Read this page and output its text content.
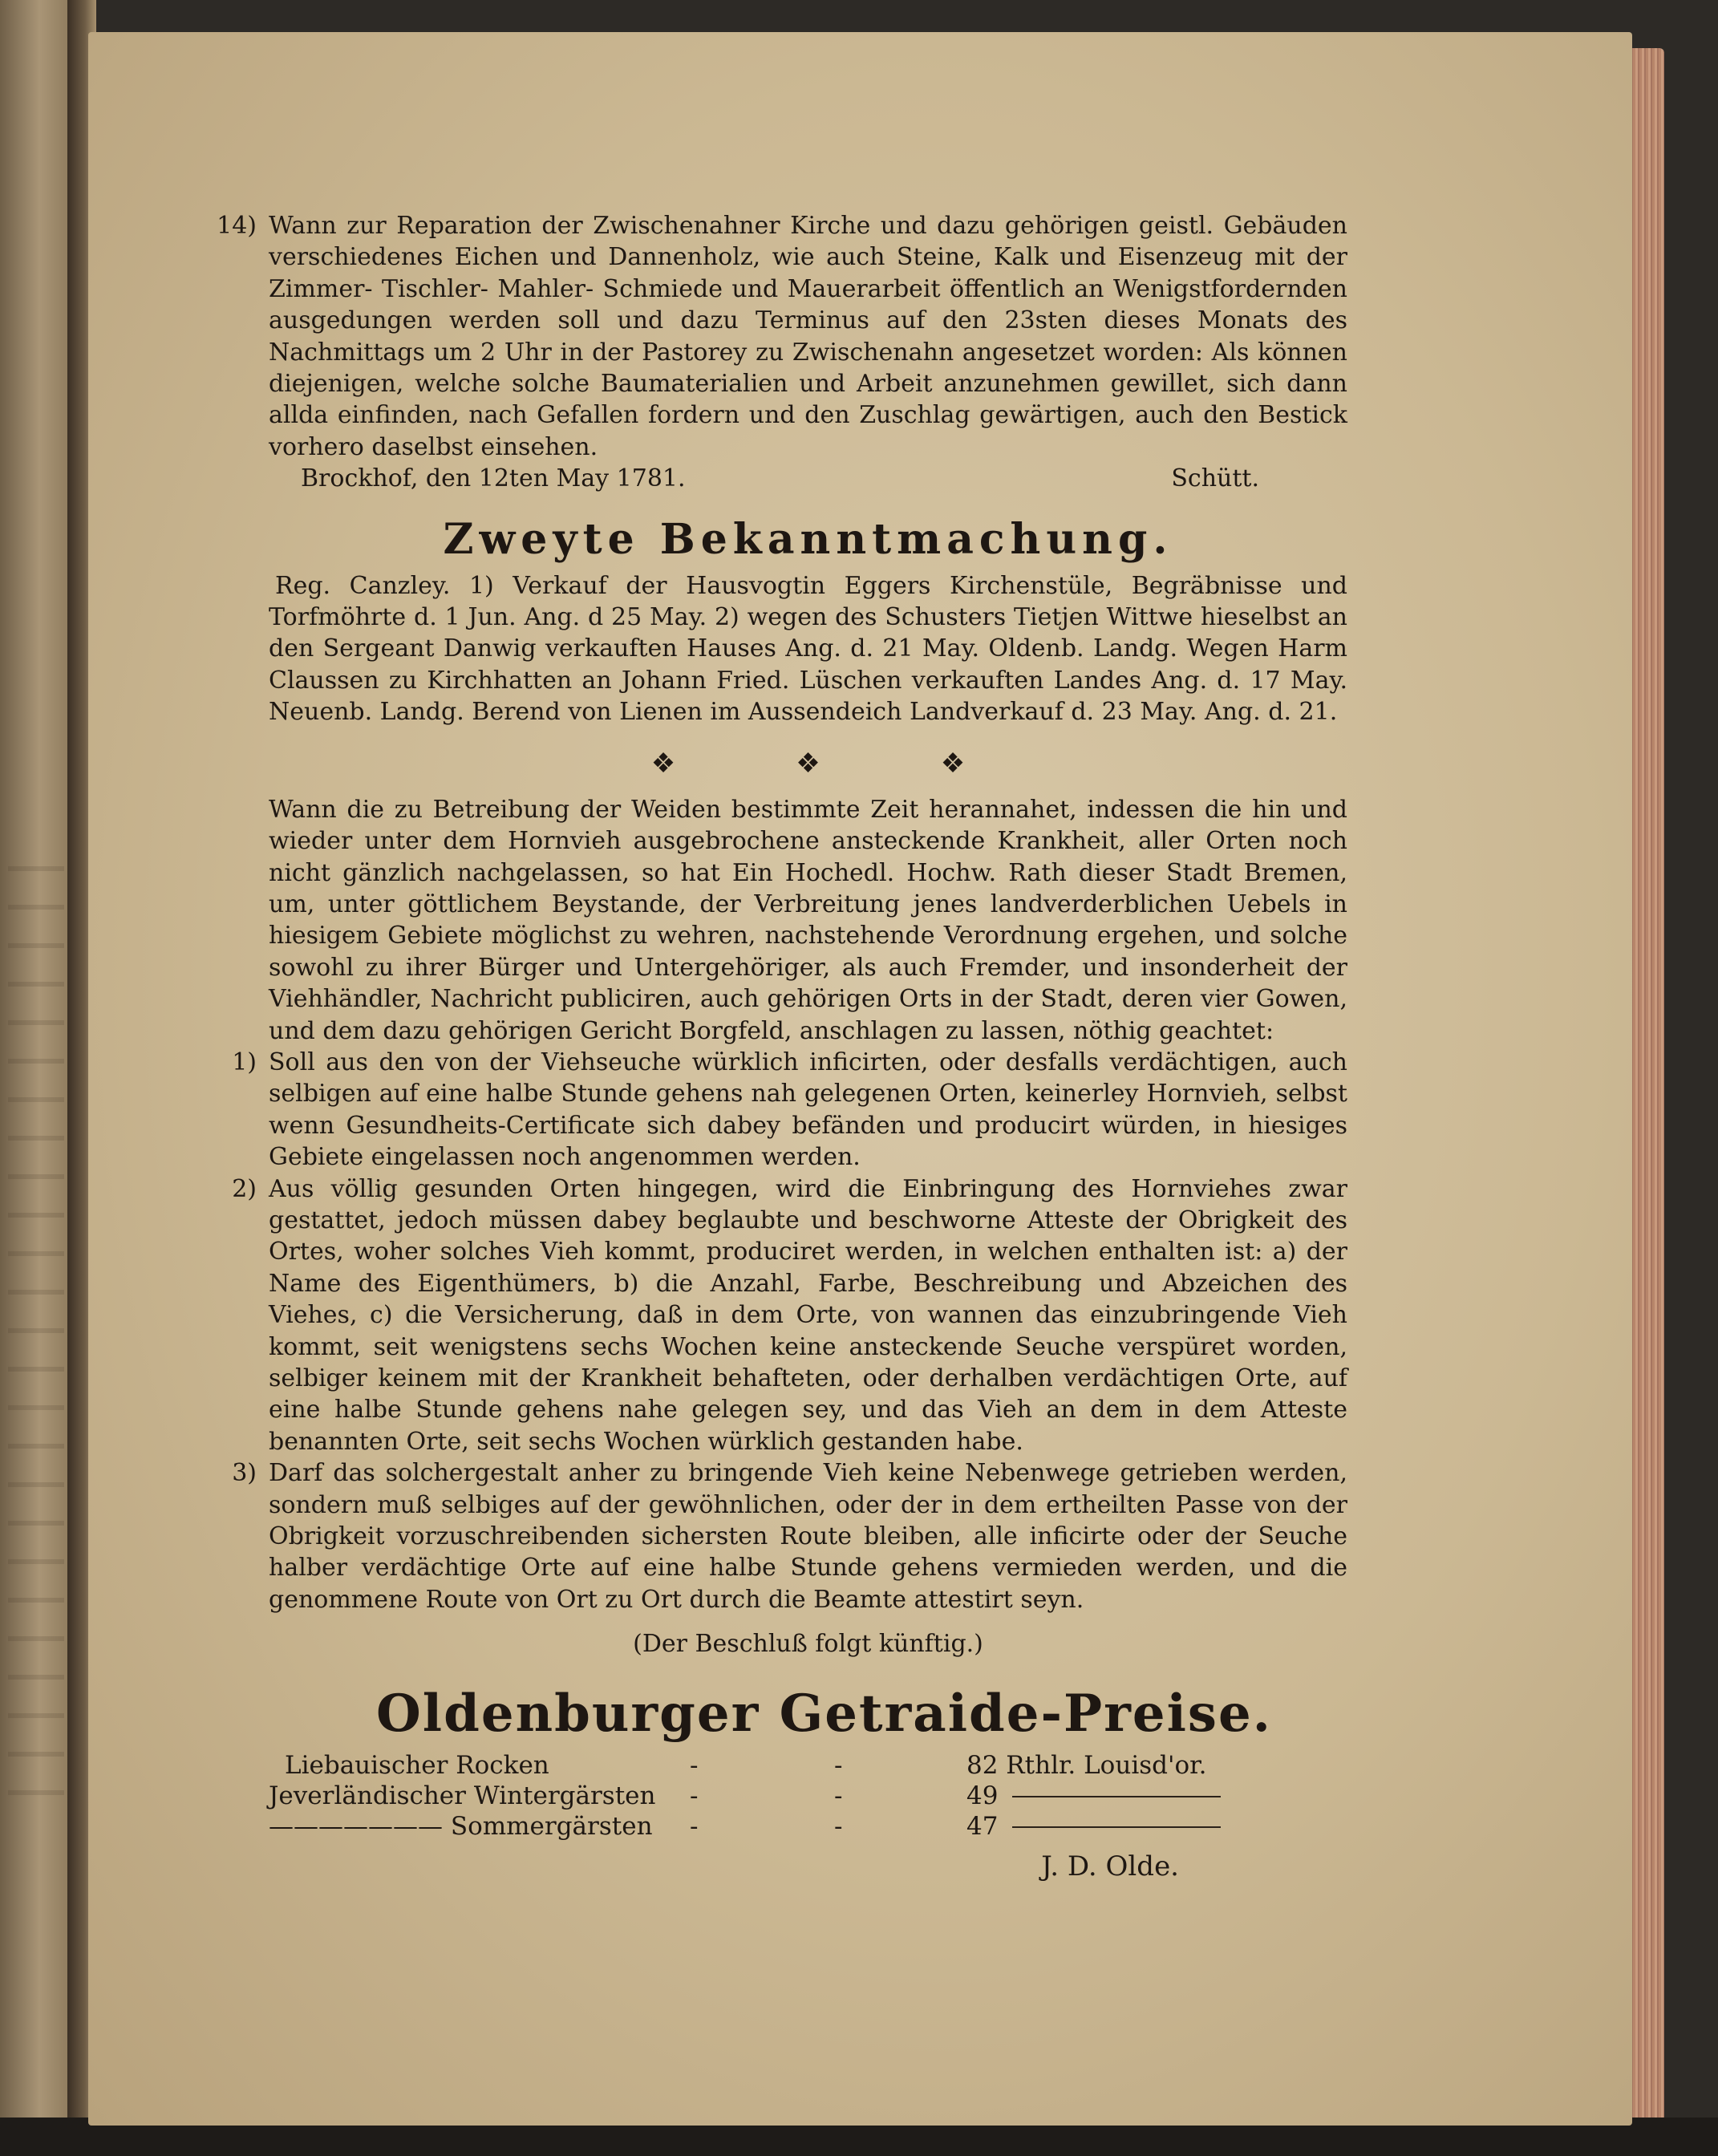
14) Wann zur Reparation der Zwischenahner Kirche und dazu gehörigen geistl. Gebäuden verschiedenes Eichen und Dannenholz, wie auch Steine, Kalk und Eisenzeug mit der Zimmer- Tischler- Mahler- Schmiede und Mauerarbeit öffentlich an Wenigstfordernden ausgedungen werden soll und dazu Terminus auf den 23sten dieses Monats des Nachmittags um 2 Uhr in der Pastorey zu Zwischenahn angesetzet worden: Als können diejenigen, welche solche Baumaterialien und Arbeit anzunehmen gewillet, sich dann allda einfinden, nach Gefallen fordern und den Zuschlag gewärtigen, auch den Bestick vorhero daselbst einsehen.

Brockhof, den 12ten May 1781.	Schütt.
Zweyte Bekanntmachung.

Reg. Canzley. 1) Verkauf der Hausvogtin Eggers Kirchenstüle, Begräbnisse und Torfmöhrte d. 1 Jun. Ang. d 25 May. 2) wegen des Schusters Tietjen Wittwe hieselbst an den Sergeant Danwig verkauften Hauses Ang. d. 21 May. Oldenb. Landg. Wegen Harm Claussen zu Kirchhatten an Johann Fried. Lüschen verkauften Landes Ang. d. 17 May. Neuenb. Landg. Berend von Lienen im Aussendeich Landverkauf d. 23 May. Ang. d. 21.

❖	❖	❖

Wann die zu Betreibung der Weiden bestimmte Zeit herannahet, indessen die hin und wieder unter dem Hornvieh ausgebrochene ansteckende Krankheit, aller Orten noch nicht gänzlich nachgelassen, so hat Ein Hochedl. Hochw. Rath dieser Stadt Bremen, um, unter göttlichem Beystande, der Verbreitung jenes landverderblichen Uebels in hiesigem Gebiete möglichst zu wehren, nachstehende Verordnung ergehen, und solche sowohl zu ihrer Bürger und Untergehöriger, als auch Fremder, und insonderheit der Viehhändler, Nachricht publiciren, auch gehörigen Orts in der Stadt, deren vier Gowen, und dem dazu gehörigen Gericht Borgfeld, anschlagen zu lassen, nöthig geachtet:

1) Soll aus den von der Viehseuche würklich inficirten, oder desfalls verdächtigen, auch selbigen auf eine halbe Stunde gehens nah gelegenen Orten, keinerley Hornvieh, selbst wenn Gesundheits-Certificate sich dabey befänden und producirt würden, in hiesiges Gebiete eingelassen noch angenommen werden.

2) Aus völlig gesunden Orten hingegen, wird die Einbringung des Hornviehes zwar gestattet, jedoch müssen dabey beglaubte und beschworne Atteste der Obrigkeit des Ortes, woher solches Vieh kommt, produciret werden, in welchen enthalten ist: a) der Name des Eigenthümers, b) die Anzahl, Farbe, Beschreibung und Abzeichen des Viehes, c) die Versicherung, daß in dem Orte, von wannen das einzubringende Vieh kommt, seit wenigstens sechs Wochen keine ansteckende Seuche verspüret worden, selbiger keinem mit der Krankheit behafteten, oder derhalben verdächtigen Orte, auf eine halbe Stunde gehens nahe gelegen sey, und das Vieh an dem in dem Atteste benannten Orte, seit sechs Wochen würklich gestanden habe.

3) Darf das solchergestalt anher zu bringende Vieh keine Nebenwege getrieben werden, sondern muß selbiges auf der gewöhnlichen, oder der in dem ertheilten Passe von der Obrigkeit vorzuschreibenden sichersten Route bleiben, alle inficirte oder der Seuche halber verdächtige Orte auf eine halbe Stunde gehens vermieden werden, und die genommene Route von Ort zu Ort durch die Beamte attestirt seyn.

(Der Beschluß folgt künftig.)
Oldenburger Getraide-Preise.
Liebauischer Rocken	-	-	82 Rthlr. Louisd'or.
Jeverländischer Wintergärsten -	-	49
——————— Sommergärsten -	-	47
J. D. Olde.
